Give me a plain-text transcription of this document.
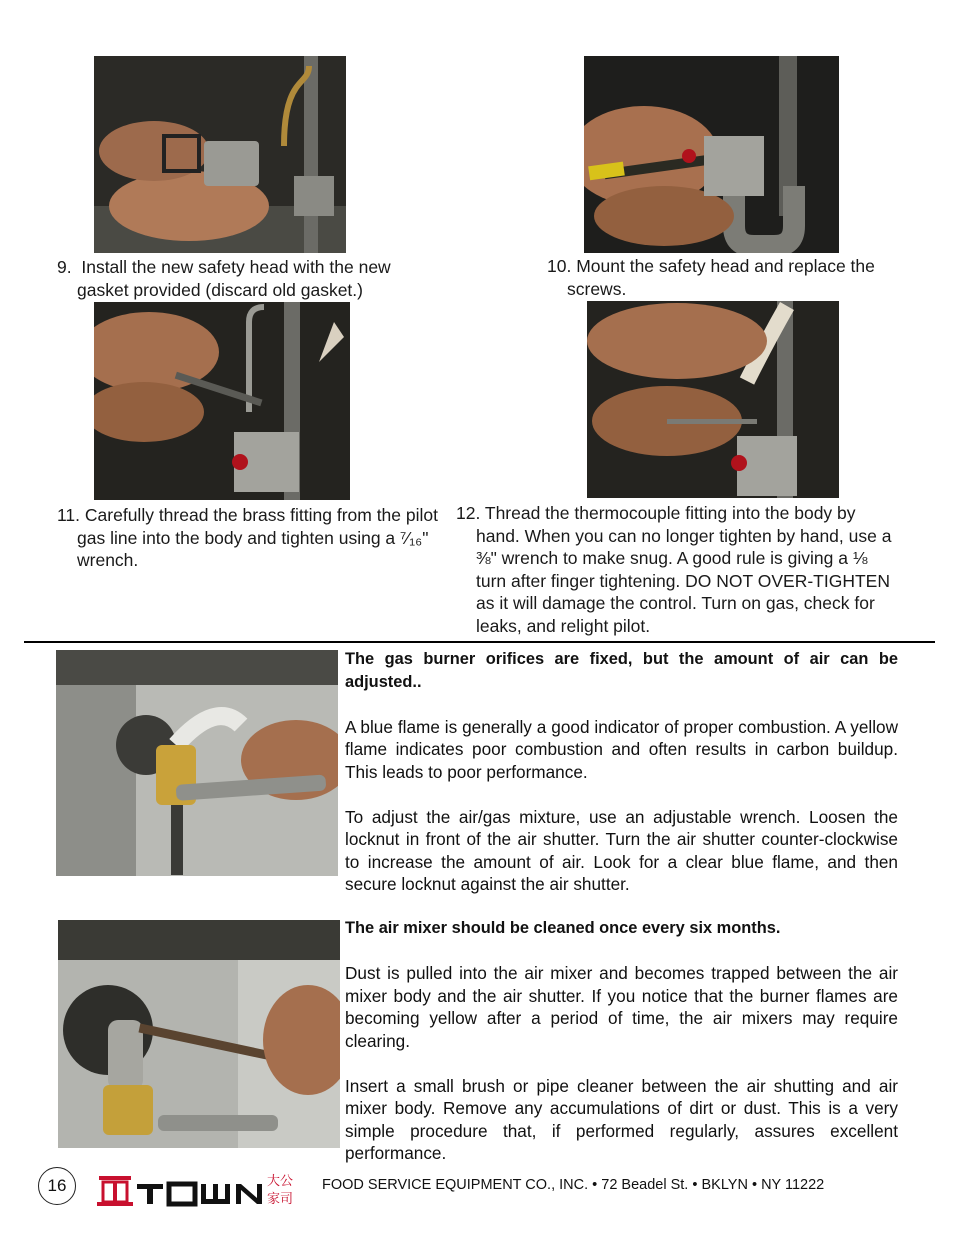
9. Install the new safety head with the new gasket provided (discard old gasket.)

10. Mount the safety head and replace the screws.

11. Carefully thread the brass fitting from the pilot gas line into the body and tighten using a ⁷⁄₁₆" wrench.

12. Thread the thermocouple fitting into the body by hand. When you can no longer tighten by hand, use a ⅜" wrench to make snug. A good rule is giving a ⅛ turn after finger tightening. DO NOT OVER-TIGHTEN as it will damage the control. Turn on gas, check for leaks, and relight pilot.

The gas burner orifices are fixed, but the amount of air can be adjusted..

A blue flame is generally a good indicator of proper combustion. A yellow flame indicates poor combustion and often results in carbon buildup. This leads to poor performance.

To adjust the air/gas mixture, use an adjustable wrench. Loosen the locknut in front of the air shutter. Turn the air shutter counter-clockwise to increase the amount of air. Look for a clear blue flame, and then secure locknut against the air shutter.

The air mixer should be cleaned once every six months.

Dust is pulled into the air mixer and becomes trapped between the air mixer body and the air shutter. If you notice that the burner flames are becoming yellow after a period of time, the air mixers may require clearing.

Insert a small brush or pipe cleaner between the air shutting and air mixer body. Remove any accumulations of dirt or dust. This is a very simple procedure that, if performed regularly, assures excellent performance.

16	大公
家司
FOOD SERVICE EQUIPMENT CO., INC. • 72 Beadel St. • BKLYN • NY 11222
